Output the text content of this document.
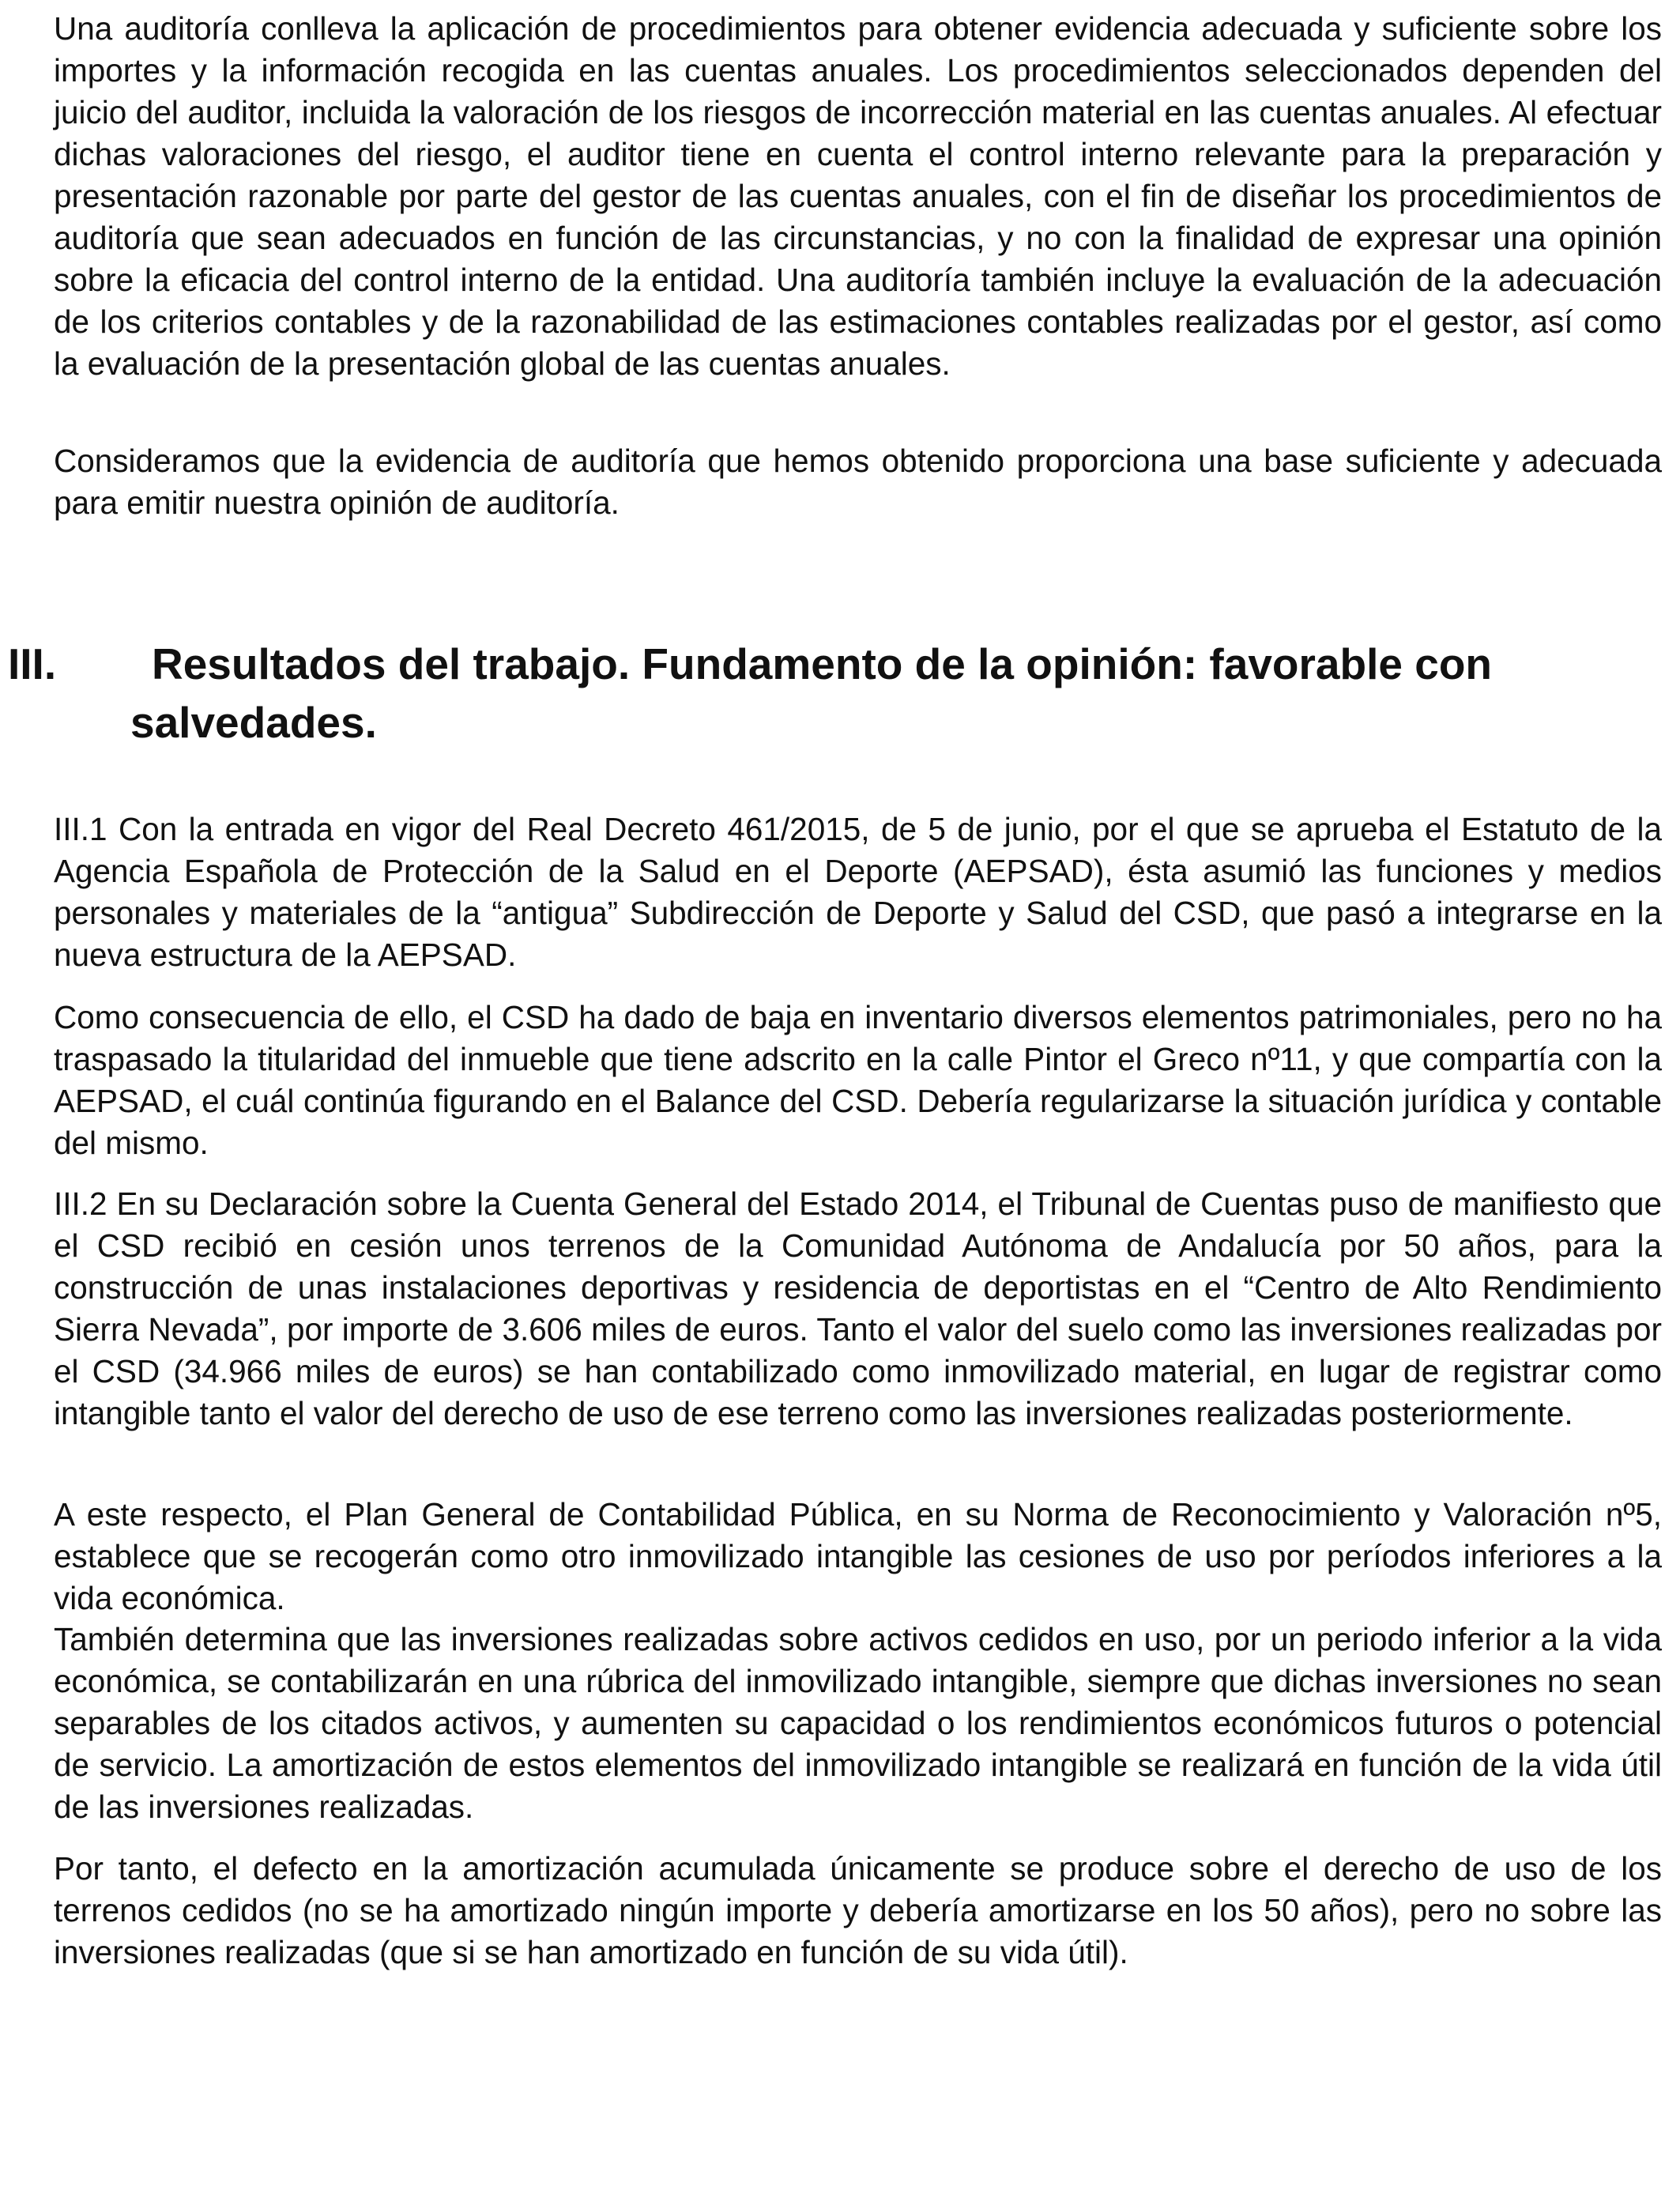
Una auditoría conlleva la aplicación de procedimientos para obtener evidencia adecuada y suficiente sobre los importes y la información recogida en las cuentas anuales. Los procedimientos seleccionados dependen del juicio del auditor, incluida la valoración de los riesgos de incorrección material en las cuentas anuales. Al efectuar dichas valoraciones del riesgo, el auditor tiene en cuenta el control interno relevante para la preparación y presentación razonable por parte del gestor de las cuentas anuales, con el fin de diseñar los procedimientos de auditoría que sean adecuados en función de las circunstancias, y no con la finalidad de expresar una opinión sobre la eficacia del control interno de la entidad. Una auditoría también incluye la evaluación de la adecuación de los criterios contables y de la razonabilidad de las estimaciones contables realizadas por el gestor, así como la evaluación de la presentación global de las cuentas anuales.

Consideramos que la evidencia de auditoría que hemos obtenido proporciona una base suficiente y adecuada para emitir nuestra opinión de auditoría.

III.	Resultados del trabajo. Fundamento de la opinión: favorable con salvedades.

III.1 Con la entrada en vigor del Real Decreto 461/2015, de 5 de junio, por el que se aprueba el Estatuto de la Agencia Española de Protección de la Salud en el Deporte (AEPSAD), ésta asumió las funciones y medios personales y materiales de la “antigua” Subdirección de Deporte y Salud del CSD, que pasó a integrarse en la nueva estructura de la AEPSAD.

Como consecuencia de ello, el CSD ha dado de baja en inventario diversos elementos patrimoniales, pero no ha traspasado la titularidad del inmueble que tiene adscrito en la calle Pintor el Greco nº11, y que compartía con la AEPSAD, el cuál continúa figurando en el Balance del CSD. Debería regularizarse la situación jurídica y contable del mismo.

III.2 En su Declaración sobre la Cuenta General del Estado 2014, el Tribunal de Cuentas puso de manifiesto que el CSD recibió en cesión unos terrenos de la Comunidad Autónoma de Andalucía por 50 años, para la construcción de unas instalaciones deportivas y residencia de deportistas en el “Centro de Alto Rendimiento Sierra Nevada”, por importe de 3.606 miles de euros. Tanto el valor del suelo como las inversiones realizadas por el CSD (34.966 miles de euros) se han contabilizado como inmovilizado material, en lugar de registrar como intangible tanto el valor del derecho de uso de ese terreno como las inversiones realizadas posteriormente.

A este respecto, el Plan General de Contabilidad Pública, en su Norma de Reconocimiento y Valoración nº5, establece que se recogerán como otro inmovilizado intangible las cesiones de uso por períodos inferiores a la vida económica.

También determina que las inversiones realizadas sobre activos cedidos en uso, por un periodo inferior a la vida económica, se contabilizarán en una rúbrica del inmovilizado intangible, siempre que dichas inversiones no sean separables de los citados activos, y aumenten su capacidad o los rendimientos económicos futuros o potencial de servicio. La amortización de estos elementos del inmovilizado intangible se realizará en función de la vida útil de las inversiones realizadas.

Por tanto, el defecto en la amortización acumulada únicamente se produce sobre el derecho de uso de los terrenos cedidos (no se ha amortizado ningún importe y debería amortizarse en los 50 años), pero no sobre las inversiones realizadas (que si se han amortizado en función de su vida útil).
